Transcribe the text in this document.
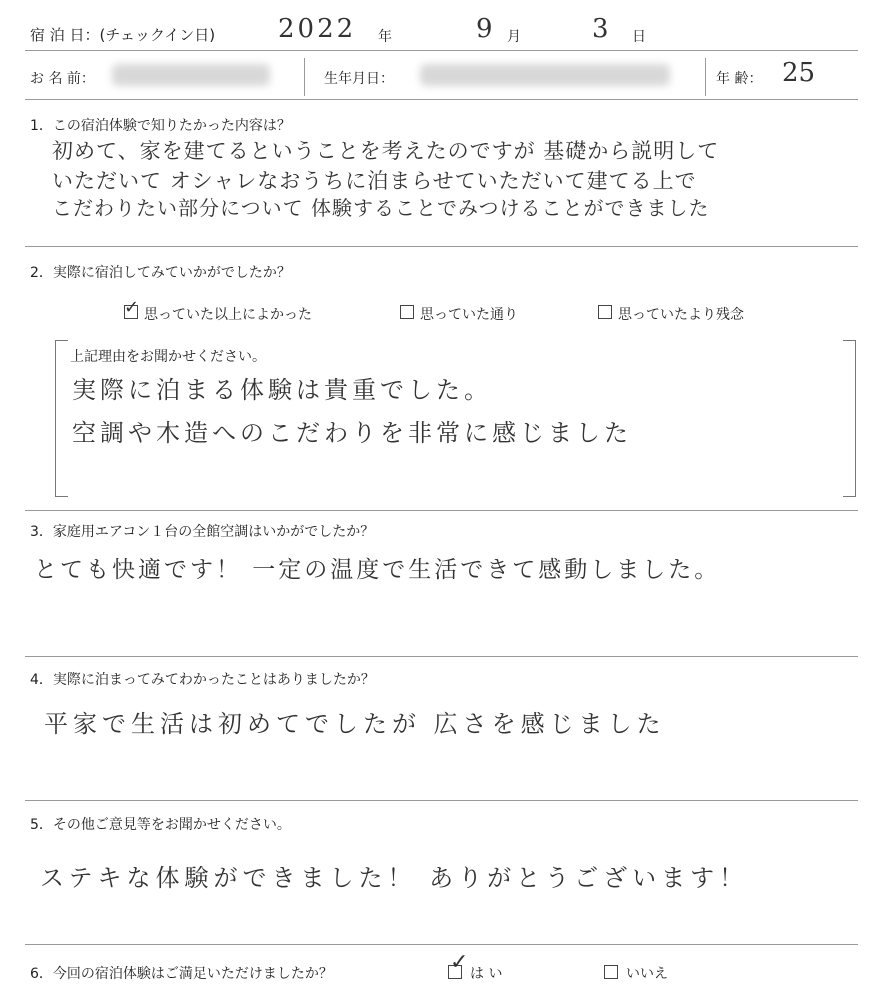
宿 泊 日：(チェックイン日) 2022 年	9 月	3 日
お 名 前：	生年月日：	年 齢： 25
1．この宿泊体験で知りたかった内容は？
初めて、家を建てるということを考えたのですが 基礎から説明して
いただいて オシャレなおうちに泊まらせていただいて建てる上で
こだわりたい部分について 体験することでみつけることができました
2．実際に宿泊してみていかがでしたか？
✓ 思っていた以上によかった	思っていた通り	思っていたより残念
上記理由をお聞かせください。
実際に泊まる体験は貴重でした。
空調や木造へのこだわりを非常に感じました
3．家庭用エアコン１台の全館空調はいかがでしたか？
とても快適です！ 一定の温度で生活できて感動しました。
4．実際に泊まってみてわかったことはありましたか？
平家で生活は初めてでしたが 広さを感じました
5．その他ご意見等をお聞かせください。
ステキな体験ができました！ ありがとうございます！
6．今回の宿泊体験はご満足いただけましたか？	✓ は い	いいえ
